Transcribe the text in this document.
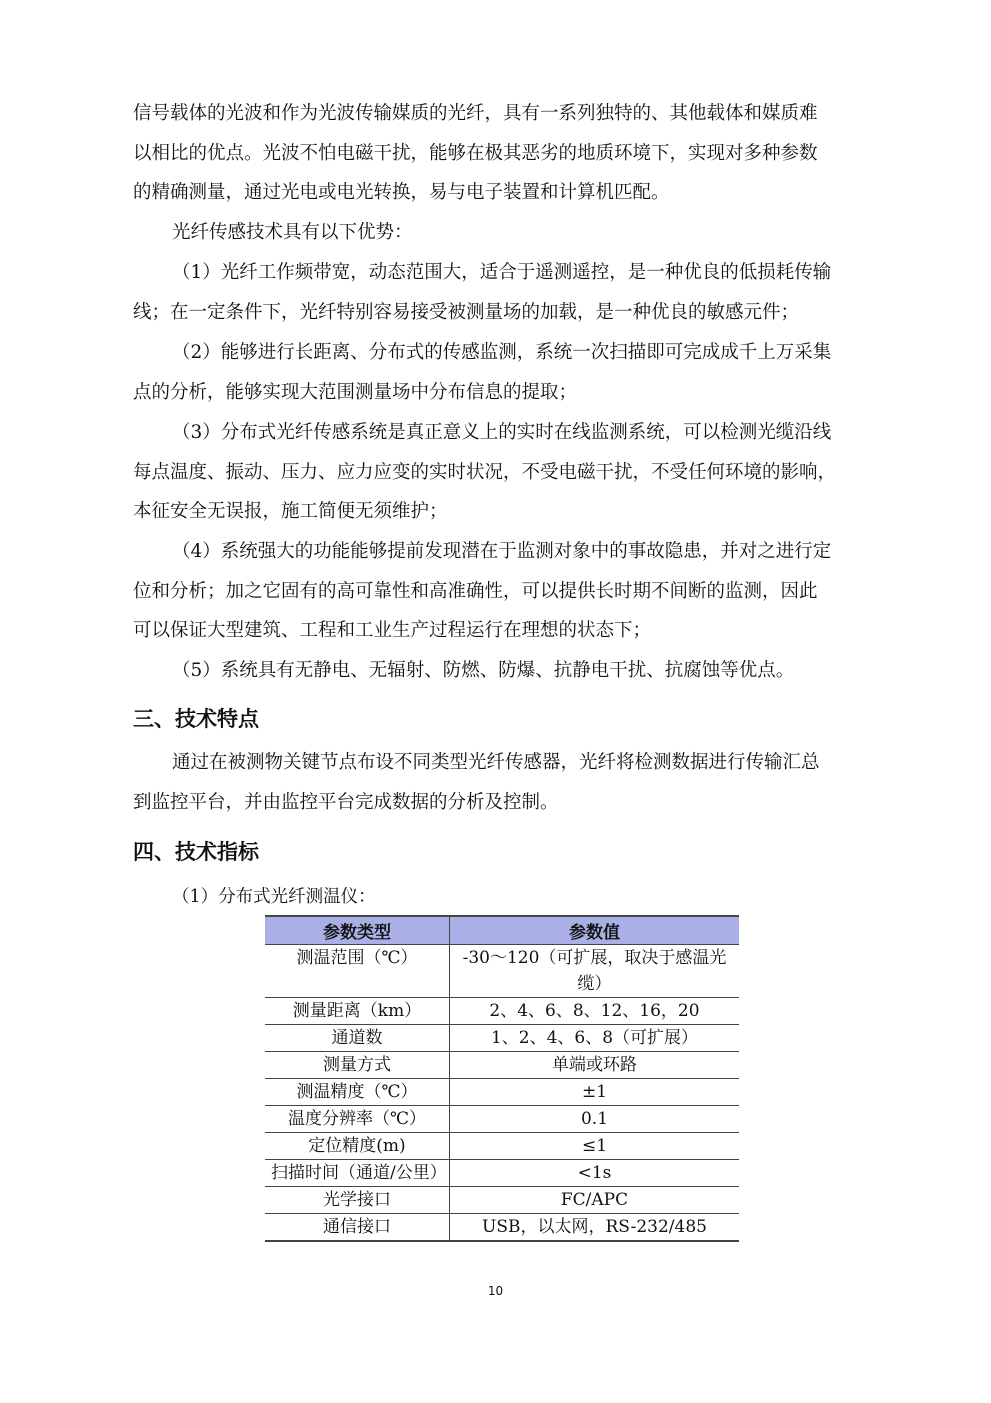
信号载体的光波和作为光波传输媒质的光纤，具有一系列独特的、其他载体和媒质难
以相比的优点。光波不怕电磁干扰，能够在极其恶劣的地质环境下，实现对多种参数
的精确测量，通过光电或电光转换，易与电子装置和计算机匹配。
光纤传感技术具有以下优势：
（1）光纤工作频带宽，动态范围大，适合于遥测遥控，是一种优良的低损耗传输
线；在一定条件下，光纤特别容易接受被测量场的加载，是一种优良的敏感元件；
（2）能够进行长距离、分布式的传感监测，系统一次扫描即可完成成千上万采集
点的分析，能够实现大范围测量场中分布信息的提取；
（3）分布式光纤传感系统是真正意义上的实时在线监测系统，可以检测光缆沿线
每点温度、振动、压力、应力应变的实时状况，不受电磁干扰，不受任何环境的影响，
本征安全无误报，施工简便无须维护；
（4）系统强大的功能能够提前发现潜在于监测对象中的事故隐患，并对之进行定
位和分析；加之它固有的高可靠性和高准确性，可以提供长时期不间断的监测，因此
可以保证大型建筑、工程和工业生产过程运行在理想的状态下；
（5）系统具有无静电、无辐射、防燃、防爆、抗静电干扰、抗腐蚀等优点。
三、技术特点
通过在被测物关键节点布设不同类型光纤传感器，光纤将检测数据进行传输汇总
到监控平台，并由监控平台完成数据的分析及控制。
四、技术指标
（1）分布式光纤测温仪：
参数类型	参数值
测温范围（℃）	-30～120（可扩展，取决于感温光缆）
测量距离（km）	2、4、6、8、12、16，20
通道数	1、2、4、6、8（可扩展）
测量方式	单端或环路
测温精度（℃）	±1
温度分辨率（℃）	0.1
定位精度(m)	≤1
扫描时间（通道/公里）	<1s
光学接口	FC/APC
通信接口	USB，以太网，RS-232/485
10
